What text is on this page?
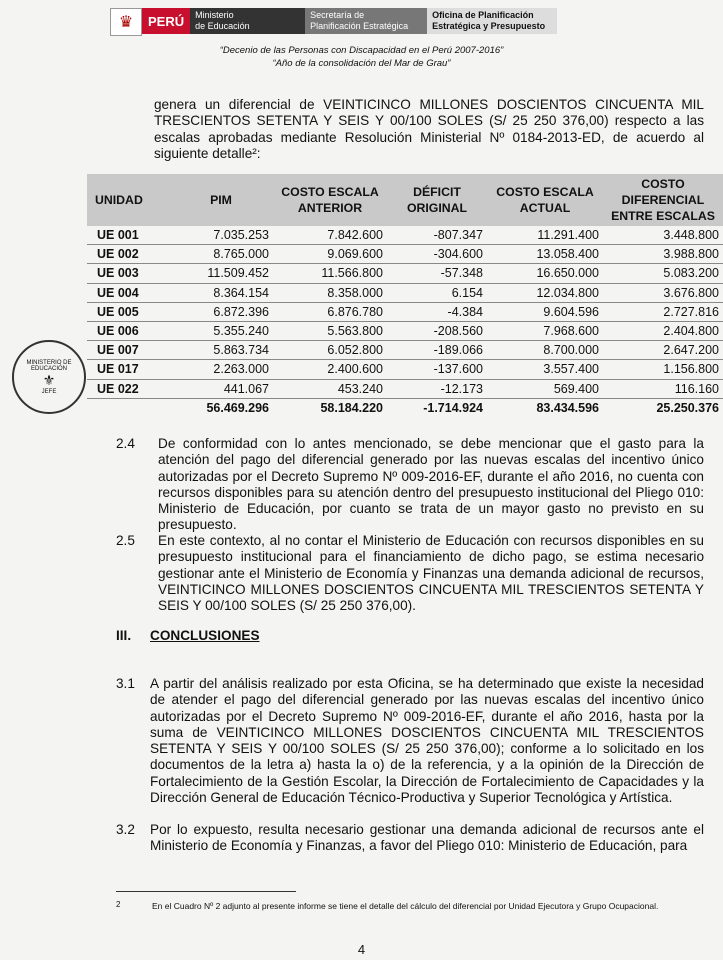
♛	PERÚ	Ministerio
de Educación
Secretaría de
Planificación Estratégica
Oficina de Planificación
Estratégica y Presupuesto
“Decenio de las Personas con Discapacidad en el Perú 2007-2016”
“Año de la consolidación del Mar de Grau”
genera un diferencial de VEINTICINCO MILLONES DOSCIENTOS CINCUENTA MIL TRESCIENTOS SETENTA Y SEIS Y 00/100 SOLES (S/ 25 250 376,00) respecto a las escalas aprobadas mediante Resolución Ministerial Nº 0184-2013-ED, de acuerdo al siguiente detalle²:
UNIDAD	PIM	COSTO ESCALA ANTERIOR	DÉFICIT ORIGINAL	COSTO ESCALA ACTUAL	COSTO DIFERENCIAL ENTRE ESCALAS
UE 001	7.035.253	7.842.600	-807.347	11.291.400	3.448.800
UE 002	8.765.000	9.069.600	-304.600	13.058.400	3.988.800
UE 003	11.509.452	11.566.800	-57.348	16.650.000	5.083.200
UE 004	8.364.154	8.358.000	6.154	12.034.800	3.676.800
UE 005	6.872.396	6.876.780	-4.384	9.604.596	2.727.816
UE 006	5.355.240	5.563.800	-208.560	7.968.600	2.404.800
UE 007	5.863.734	6.052.800	-189.066	8.700.000	2.647.200
UE 017	2.263.000	2.400.600	-137.600	3.557.400	1.156.800
UE 022	441.067	453.240	-12.173	569.400	116.160
	56.469.296	58.184.220	-1.714.924	83.434.596	25.250.376
MINISTERIO DE EDUCACIÓN
⚜
JEFE
2.4 De conformidad con lo antes mencionado, se debe mencionar que el gasto para la atención del pago del diferencial generado por las nuevas escalas del incentivo único autorizadas por el Decreto Supremo Nº 009-2016-EF, durante el año 2016, no cuenta con recursos disponibles para su atención dentro del presupuesto institucional del Pliego 010: Ministerio de Educación, por cuanto se trata de un mayor gasto no previsto en su presupuesto.
2.5 En este contexto, al no contar el Ministerio de Educación con recursos disponibles en su presupuesto institucional para el financiamiento de dicho pago, se estima necesario gestionar ante el Ministerio de Economía y Finanzas una demanda adicional de recursos, VEINTICINCO MILLONES DOSCIENTOS CINCUENTA MIL TRESCIENTOS SETENTA Y SEIS Y 00/100 SOLES (S/ 25 250 376,00).
III. CONCLUSIONES
3.1 A partir del análisis realizado por esta Oficina, se ha determinado que existe la necesidad de atender el pago del diferencial generado por las nuevas escalas del incentivo único autorizadas por el Decreto Supremo Nº 009-2016-EF, durante el año 2016, hasta por la suma de VEINTICINCO MILLONES DOSCIENTOS CINCUENTA MIL TRESCIENTOS SETENTA Y SEIS Y 00/100 SOLES (S/ 25 250 376,00); conforme a lo solicitado en los documentos de la letra a) hasta la o) de la referencia, y a la opinión de la Dirección de Fortalecimiento de la Gestión Escolar, la Dirección de Fortalecimiento de Capacidades y la Dirección General de Educación Técnico-Productiva y Superior Tecnológica y Artística.
3.2 Por lo expuesto, resulta necesario gestionar una demanda adicional de recursos ante el Ministerio de Economía y Finanzas, a favor del Pliego 010: Ministerio de Educación, para
2	En el Cuadro Nº 2 adjunto al presente informe se tiene el detalle del cálculo del diferencial por Unidad Ejecutora y Grupo Ocupacional.
4
